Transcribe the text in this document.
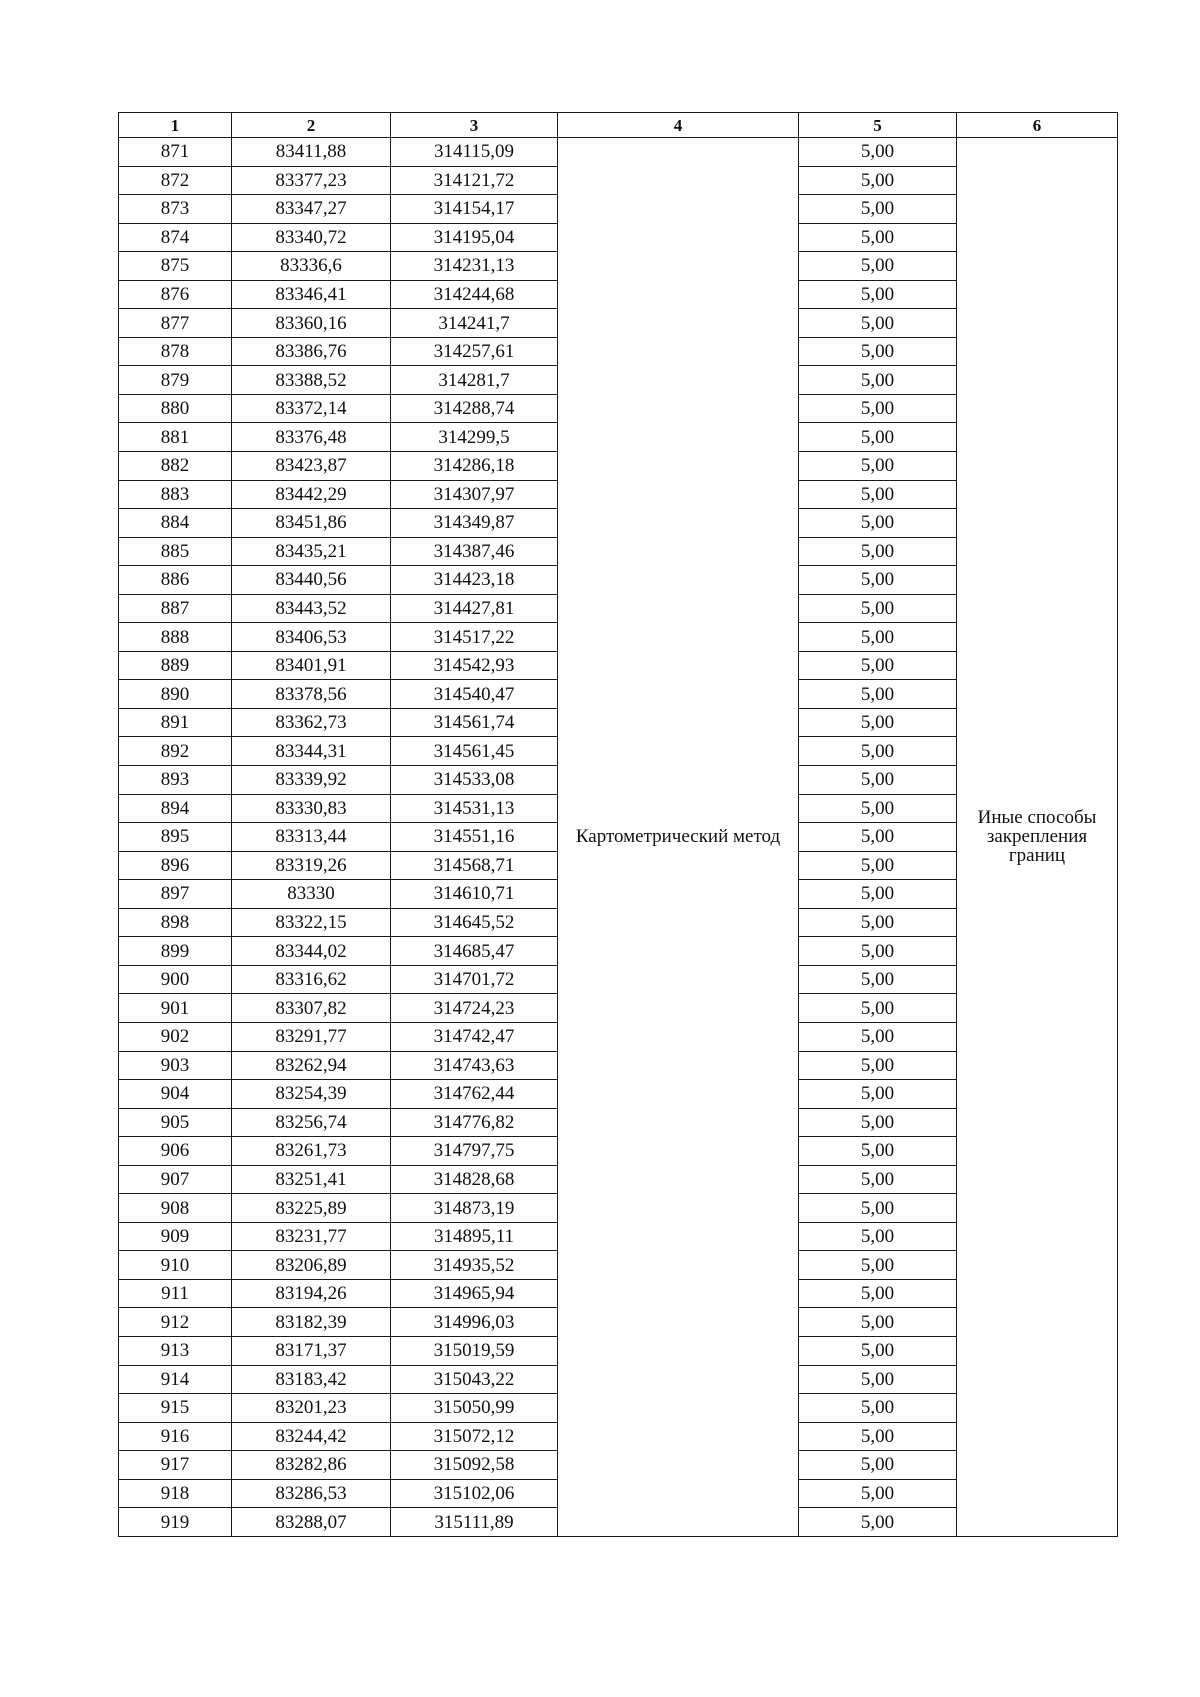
1	2	3	4	5	6
871	83411,88	314115,09	Картометрический метод	5,00	Иные способы закрепления границ
872	83377,23	314121,72		5,00	
873	83347,27	314154,17		5,00	
874	83340,72	314195,04		5,00	
875	83336,6	314231,13		5,00	
876	83346,41	314244,68		5,00	
877	83360,16	314241,7		5,00	
878	83386,76	314257,61		5,00	
879	83388,52	314281,7		5,00	
880	83372,14	314288,74		5,00	
881	83376,48	314299,5		5,00	
882	83423,87	314286,18		5,00	
883	83442,29	314307,97		5,00	
884	83451,86	314349,87		5,00	
885	83435,21	314387,46		5,00	
886	83440,56	314423,18		5,00	
887	83443,52	314427,81		5,00	
888	83406,53	314517,22		5,00	
889	83401,91	314542,93		5,00	
890	83378,56	314540,47		5,00	
891	83362,73	314561,74		5,00	
892	83344,31	314561,45		5,00	
893	83339,92	314533,08		5,00	
894	83330,83	314531,13		5,00	
895	83313,44	314551,16		5,00	
896	83319,26	314568,71		5,00	
897	83330	314610,71		5,00	
898	83322,15	314645,52		5,00	
899	83344,02	314685,47		5,00	
900	83316,62	314701,72		5,00	
901	83307,82	314724,23		5,00	
902	83291,77	314742,47		5,00	
903	83262,94	314743,63		5,00	
904	83254,39	314762,44		5,00	
905	83256,74	314776,82		5,00	
906	83261,73	314797,75		5,00	
907	83251,41	314828,68		5,00	
908	83225,89	314873,19		5,00	
909	83231,77	314895,11		5,00	
910	83206,89	314935,52		5,00	
911	83194,26	314965,94		5,00	
912	83182,39	314996,03		5,00	
913	83171,37	315019,59		5,00	
914	83183,42	315043,22		5,00	
915	83201,23	315050,99		5,00	
916	83244,42	315072,12		5,00	
917	83282,86	315092,58		5,00	
918	83286,53	315102,06		5,00	
919	83288,07	315111,89		5,00	
